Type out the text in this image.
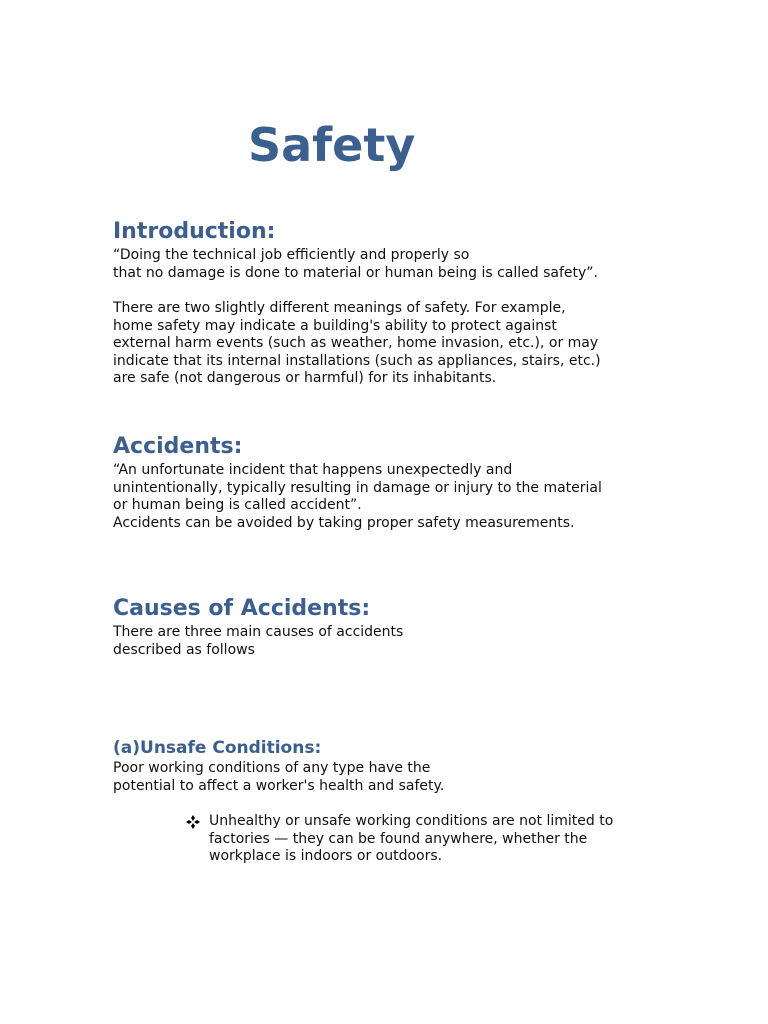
Safety
Introduction:

“Doing the technical job efficiently and properly so
that no damage is done to material or human being is called safety”.

There are two slightly different meanings of safety. For example,
home safety may indicate a building's ability to protect against
external harm events (such as weather, home invasion, etc.), or may
indicate that its internal installations (such as appliances, stairs, etc.)
are safe (not dangerous or harmful) for its inhabitants.

Accidents:

“An unfortunate incident that happens unexpectedly and
unintentionally, typically resulting in damage or injury to the material
or human being is called accident”.
Accidents can be avoided by taking proper safety measurements.

Causes of Accidents:

There are three main causes of accidents
described as follows

(a)Unsafe Conditions:

Poor working conditions of any type have the
potential to affect a worker's health and safety.

Unhealthy or unsafe working conditions are not limited to
factories — they can be found anywhere, whether the
workplace is indoors or outdoors.
